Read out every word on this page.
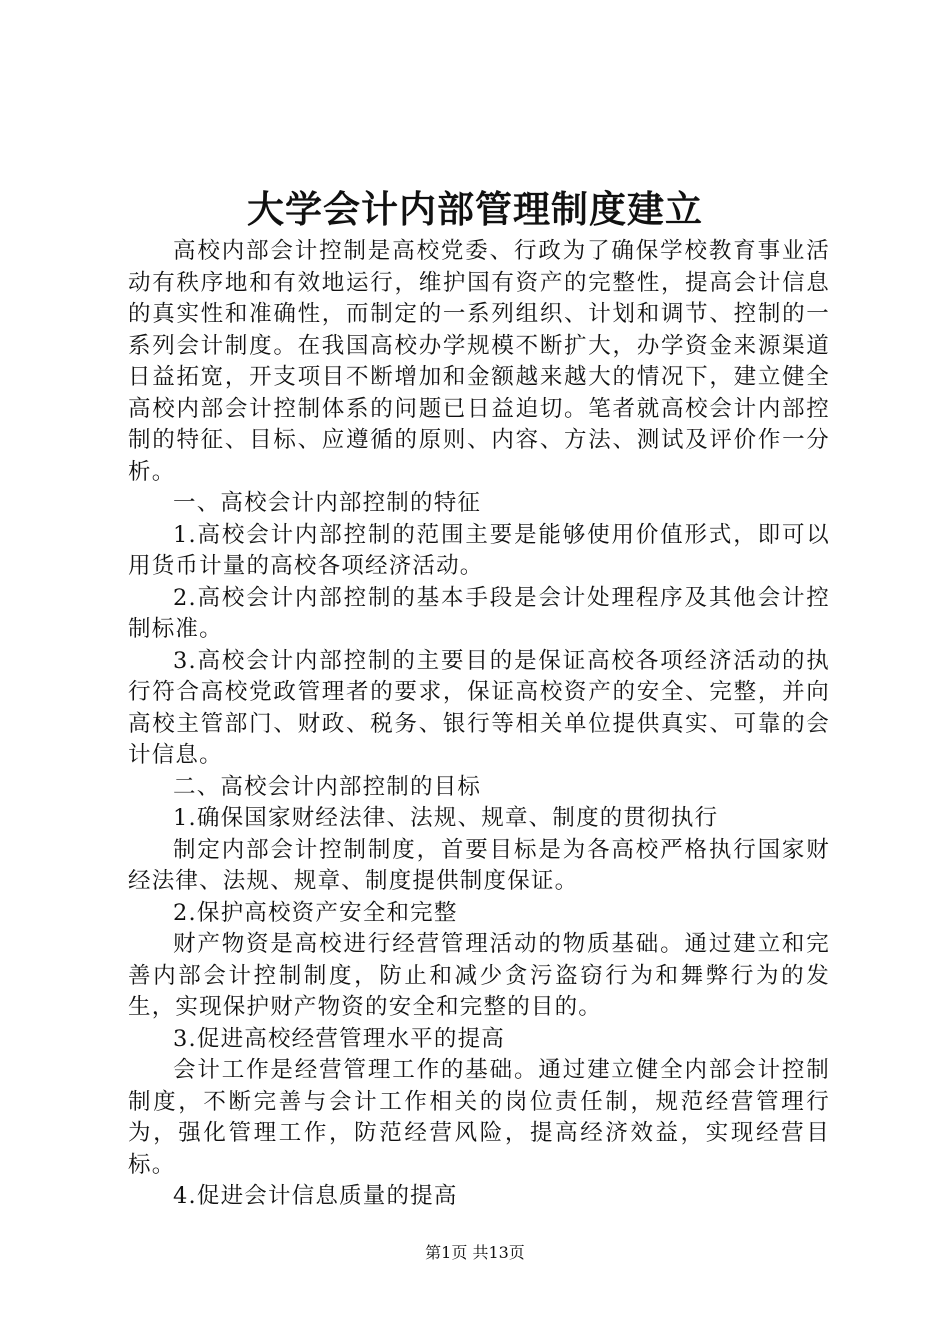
大学会计内部管理制度建立

高校内部会计控制是高校党委、行政为了确保学校教育事业活动有秩序地和有效地运行，维护国有资产的完整性，提高会计信息的真实性和准确性，而制定的一系列组织、计划和调节、控制的一系列会计制度。在我国高校办学规模不断扩大，办学资金来源渠道日益拓宽，开支项目不断增加和金额越来越大的情况下，建立健全高校内部会计控制体系的问题已日益迫切。笔者就高校会计内部控制的特征、目标、应遵循的原则、内容、方法、测试及评价作一分析。

一、高校会计内部控制的特征

1.高校会计内部控制的范围主要是能够使用价值形式，即可以用货币计量的高校各项经济活动。

2.高校会计内部控制的基本手段是会计处理程序及其他会计控制标准。

3.高校会计内部控制的主要目的是保证高校各项经济活动的执行符合高校党政管理者的要求，保证高校资产的安全、完整，并向高校主管部门、财政、税务、银行等相关单位提供真实、可靠的会计信息。

二、高校会计内部控制的目标

1.确保国家财经法律、法规、规章、制度的贯彻执行

制定内部会计控制制度，首要目标是为各高校严格执行国家财经法律、法规、规章、制度提供制度保证。

2.保护高校资产安全和完整

财产物资是高校进行经营管理活动的物质基础。通过建立和完善内部会计控制制度，防止和减少贪污盗窃行为和舞弊行为的发生，实现保护财产物资的安全和完整的目的。

3.促进高校经营管理水平的提高

会计工作是经营管理工作的基础。通过建立健全内部会计控制制度，不断完善与会计工作相关的岗位责任制，规范经营管理行为，强化管理工作，防范经营风险，提高经济效益，实现经营目标。

4.促进会计信息质量的提高

第1页 共13页
